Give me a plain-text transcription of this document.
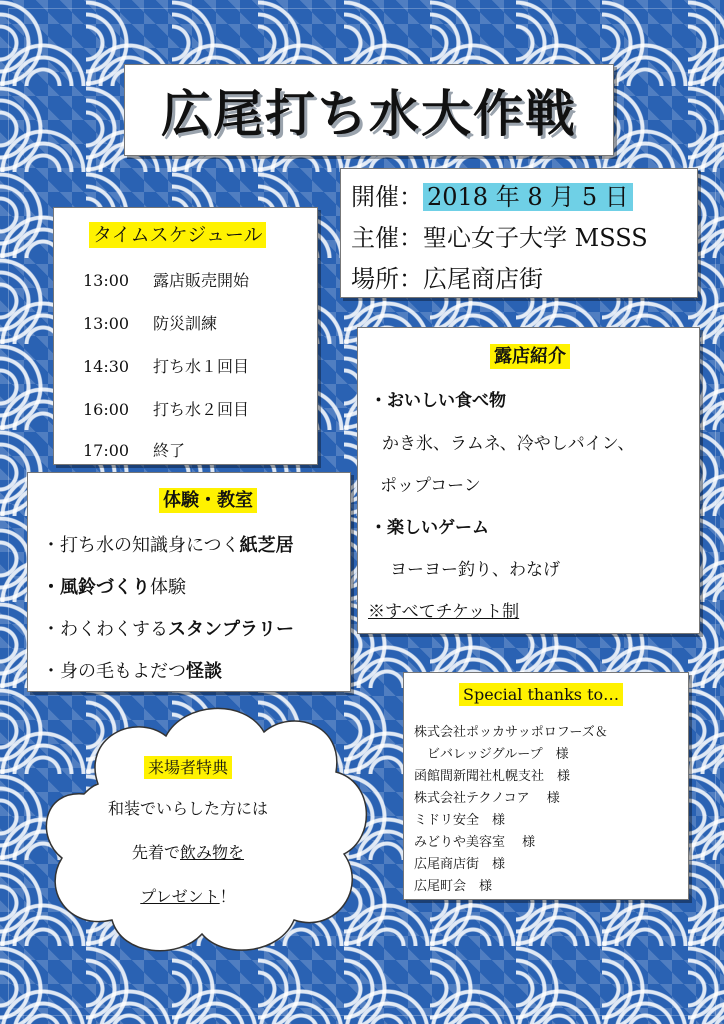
広尾打ち水大作戦
開催： 2018 年 8 月 5 日
主催：聖心女子大学 MSSS
場所：広尾商店街
タイムスケジュール
13:00 露店販売開始
13:00 防災訓練
14:30 打ち水１回目
16:00 打ち水２回目
17:00 終了
露店紹介
・おいしい食べ物
かき氷、ラムネ、冷やしパイン、
ポップコーン
・楽しいゲーム
ヨーヨー釣り、わなげ
※すべてチケット制
体験・教室
・打ち水の知識身につく紙芝居
・風鈴づくり体験
・わくわくするスタンプラリー
・身の毛もよだつ怪談
Special thanks to…
株式会社ポッカサッポロフーズ＆
　ビバレッジグループ　様
函館間新聞社札幌支社　様
株式会社テクノコア　 様
ミドリ安全　様
みどりや美容室　 様
広尾商店街　様
広尾町会　様
来場者特典
和装でいらした方には
先着で飲み物を
プレゼント！
